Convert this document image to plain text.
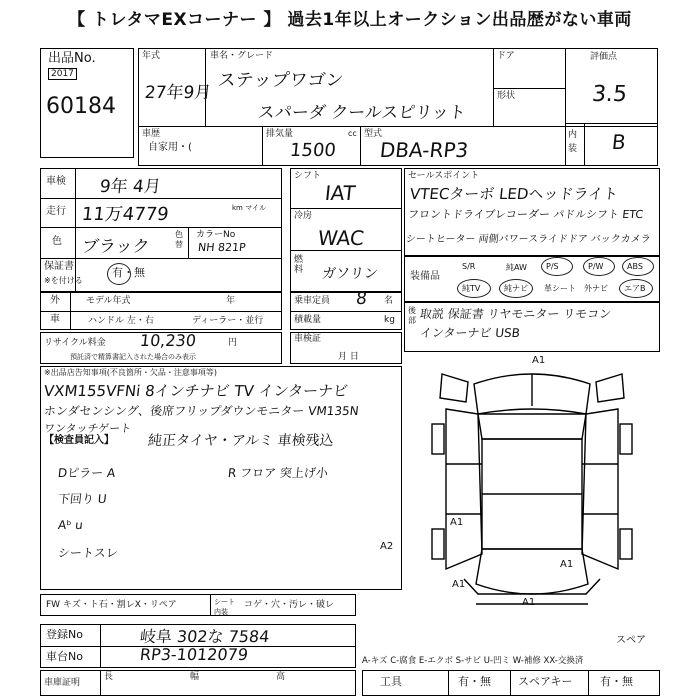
【 トレタマEXコーナー 】 過去1年以上オークション出品歴がない車両
出品No.
2017
60184
年式
27年9月
車名・グレード
ステップワゴン
スパーダ クールスピリット
ドア
形状
評価点
3.5
内装 B
車歴
自家用・(
排気量
1500
cc 型式
DBA-RP3
車検 9年 4月
走行 11万4779	km マイル
色 ブラック
色替
カラーNo
NH 821P
保証書
※を付ける
有・無
シフト
IAT
冷房
WAC
燃料 ガソリン
セールスポイント
VTECターボ LEDヘッドライト
フロントドライブレコーダー パドルシフト ETC
シートヒーター 両側パワースライドドア バックカメラ
装備品
S/R	純AW P/S	P/W	ABS
純TV	純ナビ 革シート 外ナビ エアB
後部 取説 保証書 リヤモニター リモコン
インターナビ USB
外	モデル年式	年
車	ハンドル 左・右	ディーラー・並行
乗車定員 8 名
積載量	kg
リサイクル料金 10,230	円
預託済で精算書記入された場合のみ表示
車検証
月 日
※出品店告知事項(不良箇所・欠品・注意事項等)
VXM155VFNi 8インチナビ TV インターナビ
ホンダセンシング、後席フリップダウンモニター VM135N
ワンタッチゲート
【検査員記入】 純正タイヤ・アルミ 車検残込
Dピラー A
下回り U
Aᵇ u
シートスレ
R フロア 突上げ小
A1
A1
A2
A1
A1
A1
スペア
FW キズ・ト石・割レX・リペア	シート 内装
コゲ・穴・汚レ・破レ
登録No	岐阜 302な 7584
車台No	RP3-1012079	A-キズ C-腐食 E-エクボ S-サビ U-凹ミ W-補修 XX-交換済
車庫証明
長	幅	高	工具	有・無 スペアキー 有・無
